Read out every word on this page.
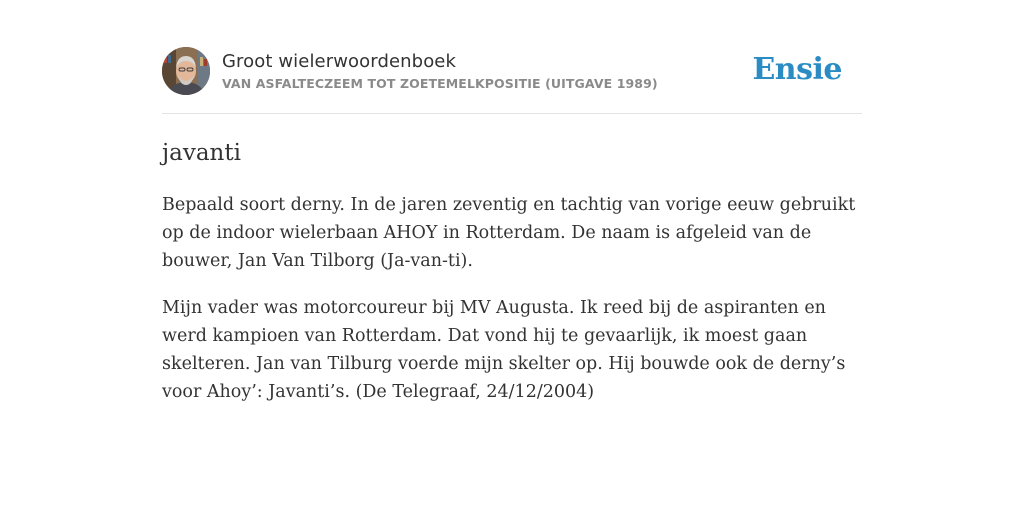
Groot wielerwoordenboek
VAN ASFALTECZEEM TOT ZOETEMELKPOSITIE (UITGAVE 1989)	Ensie
javanti

Bepaald soort derny. In de jaren zeventig en tachtig van vorige eeuw gebruikt op de indoor wielerbaan AHOY in Rotterdam. De naam is afgeleid van de bouwer, Jan Van Tilborg (Ja-van-ti).

Mijn vader was motorcoureur bij MV Augusta. Ik reed bij de aspiranten en werd kampioen van Rotterdam. Dat vond hij te gevaarlijk, ik moest gaan skelteren. Jan van Tilburg voerde mijn skelter op. Hij bouwde ook de derny’s voor Ahoy’: Javanti’s. (De Telegraaf, 24/12/2004)
